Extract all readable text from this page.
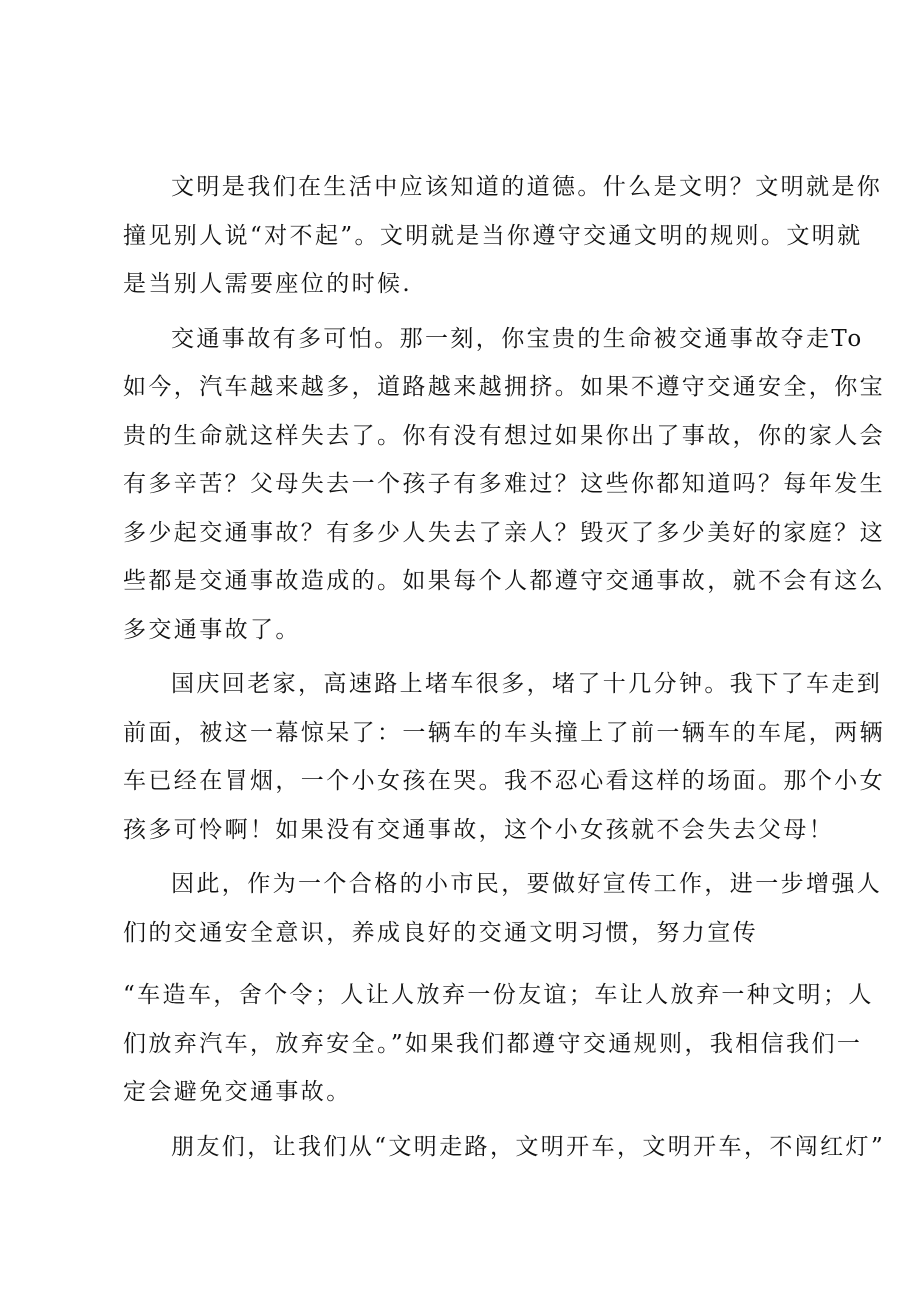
文明是我们在生活中应该知道的道德。什么是文明？文明就是你
撞见别人说“对不起”。文明就是当你遵守交通文明的规则。文明就
是当别人需要座位的时候.
交通事故有多可怕。那一刻，你宝贵的生命被交通事故夺走To
如今，汽车越来越多，道路越来越拥挤。如果不遵守交通安全，你宝
贵的生命就这样失去了。你有没有想过如果你出了事故，你的家人会
有多辛苦？父母失去一个孩子有多难过？这些你都知道吗？每年发生
多少起交通事故？有多少人失去了亲人？毁灭了多少美好的家庭？这
些都是交通事故造成的。如果每个人都遵守交通事故，就不会有这么
多交通事故了。
国庆回老家，高速路上堵车很多，堵了十几分钟。我下了车走到
前面，被这一幕惊呆了：一辆车的车头撞上了前一辆车的车尾，两辆
车已经在冒烟，一个小女孩在哭。我不忍心看这样的场面。那个小女
孩多可怜啊！如果没有交通事故，这个小女孩就不会失去父母！
因此，作为一个合格的小市民，要做好宣传工作，进一步增强人
们的交通安全意识，养成良好的交通文明习惯，努力宣传
“车造车，舍个令；人让人放弃一份友谊；车让人放弃一种文明；人
们放弃汽车，放弃安全。”如果我们都遵守交通规则，我相信我们一
定会避免交通事故。
朋友们，让我们从“文明走路，文明开车，文明开车，不闯红灯”
